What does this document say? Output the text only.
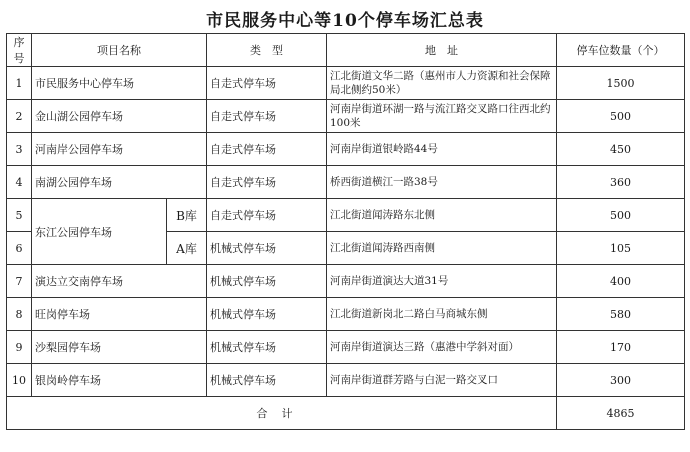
市民服务中心等10个停车场汇总表
序号	项目名称		类　型	地　址	停车位数量（个）
1	市民服务中心停车场		自走式停车场	江北街道文华二路（惠州市人力资源和社会保障局北侧约50米）	1500
2	金山湖公园停车场		自走式停车场	河南岸街道环湖一路与流江路交叉路口往西北约100米	500
3	河南岸公园停车场		自走式停车场	河南岸街道银岭路44号	450
4	南湖公园停车场		自走式停车场	桥西街道横江一路38号	360
5	东江公园停车场	B库	自走式停车场	江北街道闻涛路东北侧	500
6		A库	机械式停车场	江北街道闻涛路西南侧	105
7	演达立交南停车场		机械式停车场	河南岸街道演达大道31号	400
8	旺岗停车场		机械式停车场	江北街道新岗北二路白马商城东侧	580
9	沙梨园停车场		机械式停车场	河南岸街道演达三路（惠港中学斜对面）	170
10	银岗岭停车场		机械式停车场	河南岸街道群芳路与白泥一路交叉口	300
合计					4865
